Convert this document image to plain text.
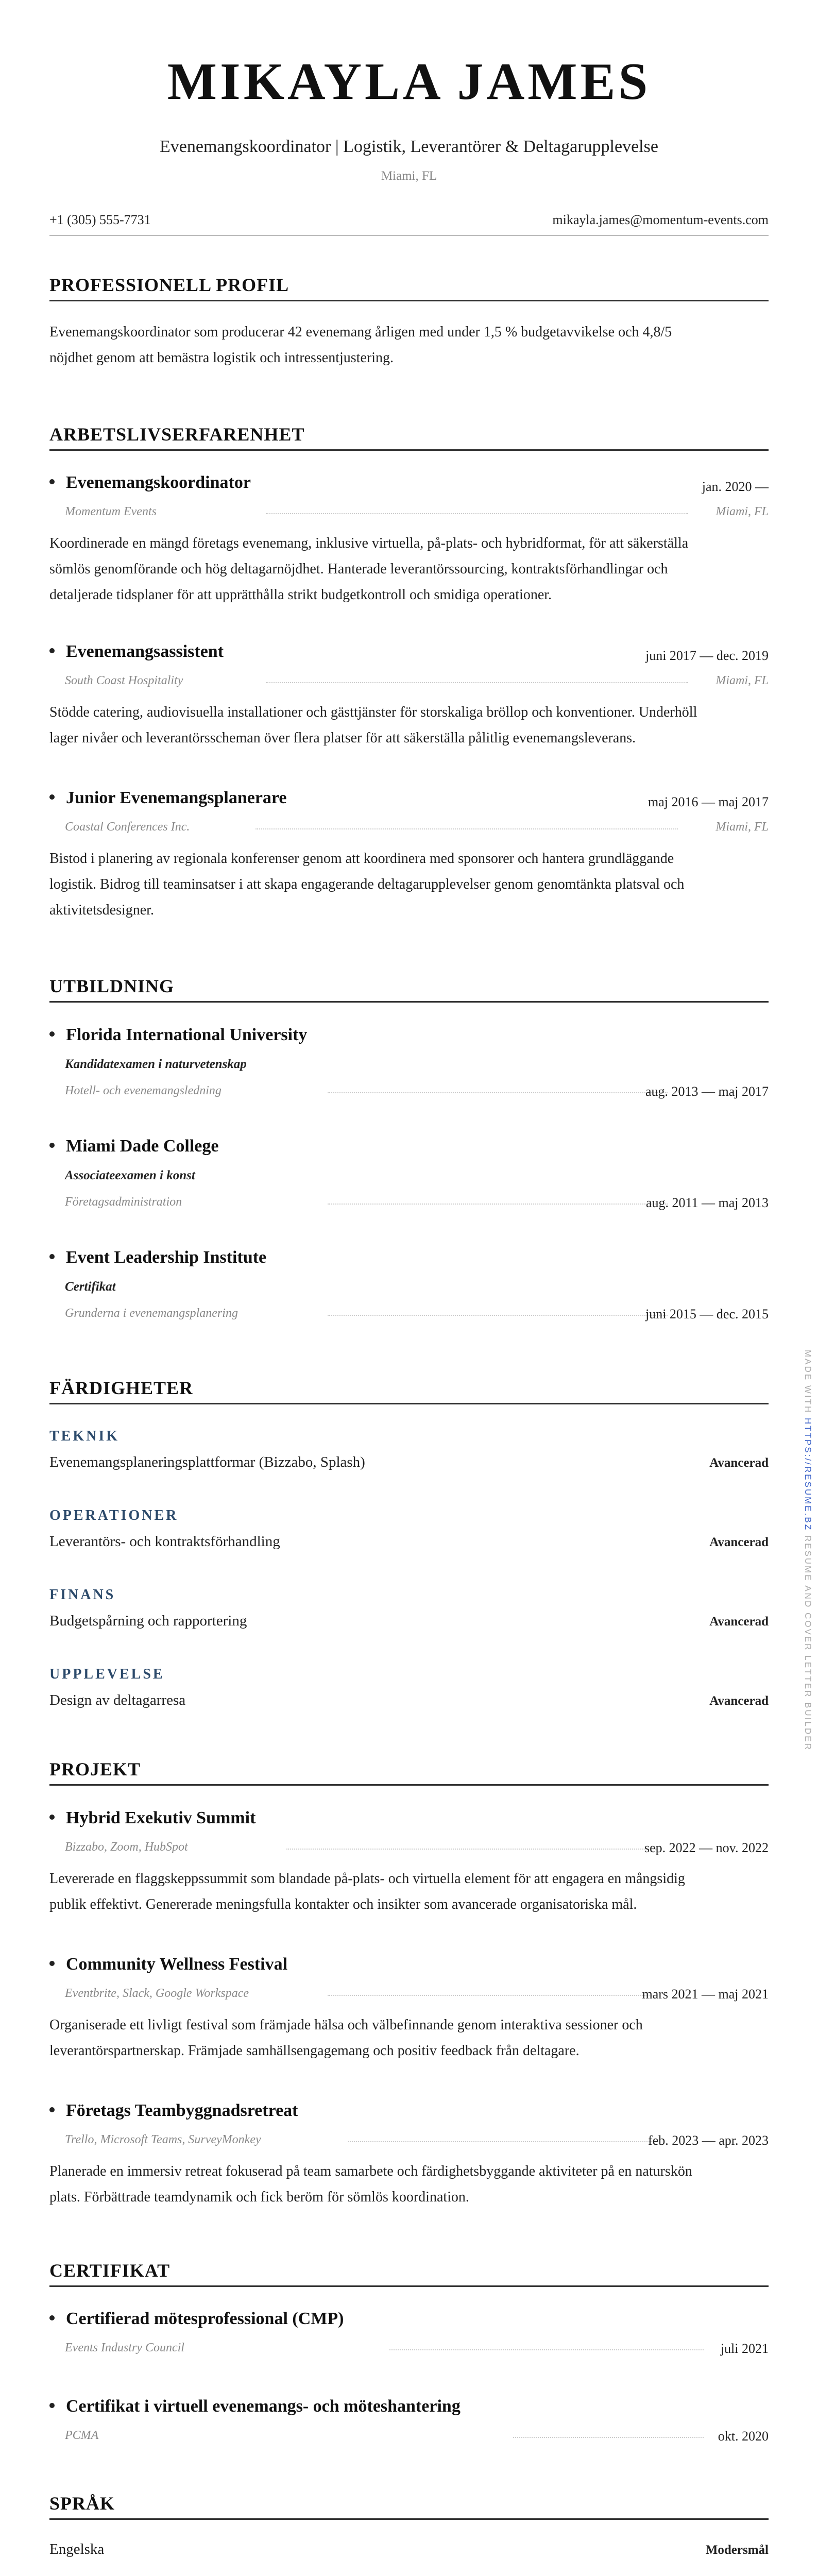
MIKAYLA JAMES
Evenemangskoordinator | Logistik, Leverantörer & Deltagarupplevelse
Miami, FL
+1 (305) 555-7731	mikayla.james@momentum-events.com
PROFESSIONELL PROFIL
Evenemangskoordinator som producerar 42 evenemang årligen med under 1,5 % budgetavvikelse och 4,8/5
nöjdhet genom att bemästra logistik och intressentjustering.
ARBETSLIVSERFARENHET
Evenemangskoordinator	jan. 2020 —
Momentum Events	Miami, FL
Koordinerade en mängd företags evenemang, inklusive virtuella, på-plats- och hybridformat, för att säkerställa
sömlös genomförande och hög deltagarnöjdhet. Hanterade leverantörssourcing, kontraktsförhandlingar och
detaljerade tidsplaner för att upprätthålla strikt budgetkontroll och smidiga operationer.
Evenemangsassistent	juni 2017 — dec. 2019
South Coast Hospitality	Miami, FL
Stödde catering, audiovisuella installationer och gästtjänster för storskaliga bröllop och konventioner. Underhöll
lager nivåer och leverantörsscheman över flera platser för att säkerställa pålitlig evenemangsleverans.
Junior Evenemangsplanerare	maj 2016 — maj 2017
Coastal Conferences Inc.	Miami, FL
Bistod i planering av regionala konferenser genom att koordinera med sponsorer och hantera grundläggande
logistik. Bidrog till teaminsatser i att skapa engagerande deltagarupplevelser genom genomtänkta platsval och
aktivitetsdesigner.
UTBILDNING
Florida International University
Kandidatexamen i naturvetenskap
Hotell- och evenemangsledning	aug. 2013 — maj 2017
Miami Dade College
Associateexamen i konst
Företagsadministration	aug. 2011 — maj 2013
Event Leadership Institute
Certifikat
Grunderna i evenemangsplanering	juni 2015 — dec. 2015
FÄRDIGHETER
TEKNIK
Evenemangsplaneringsplattformar (Bizzabo, Splash)	Avancerad
OPERATIONER
Leverantörs- och kontraktsförhandling	Avancerad
FINANS
Budgetspårning och rapportering	Avancerad
UPPLEVELSE
Design av deltagarresa	Avancerad
PROJEKT
Hybrid Exekutiv Summit
Bizzabo, Zoom, HubSpot	sep. 2022 — nov. 2022
Levererade en flaggskeppssummit som blandade på-plats- och virtuella element för att engagera en mångsidig
publik effektivt. Genererade meningsfulla kontakter och insikter som avancerade organisatoriska mål.
Community Wellness Festival
Eventbrite, Slack, Google Workspace	mars 2021 — maj 2021
Organiserade ett livligt festival som främjade hälsa och välbefinnande genom interaktiva sessioner och
leverantörspartnerskap. Främjade samhällsengagemang och positiv feedback från deltagare.
Företags Teambyggnadsretreat
Trello, Microsoft Teams, SurveyMonkey	feb. 2023 — apr. 2023
Planerade en immersiv retreat fokuserad på team samarbete och färdighetsbyggande aktiviteter på en naturskön
plats. Förbättrade teamdynamik och fick beröm för sömlös koordination.
CERTIFIKAT
Certifierad mötesprofessional (CMP)
Events Industry Council	juli 2021
Certifikat i virtuell evenemangs- och möteshantering
PCMA	okt. 2020
SPRÅK
Engelska	Modersmål
MADE WITH HTTPS://RESUME.BZ RESUME AND COVER LETTER BUILDER
